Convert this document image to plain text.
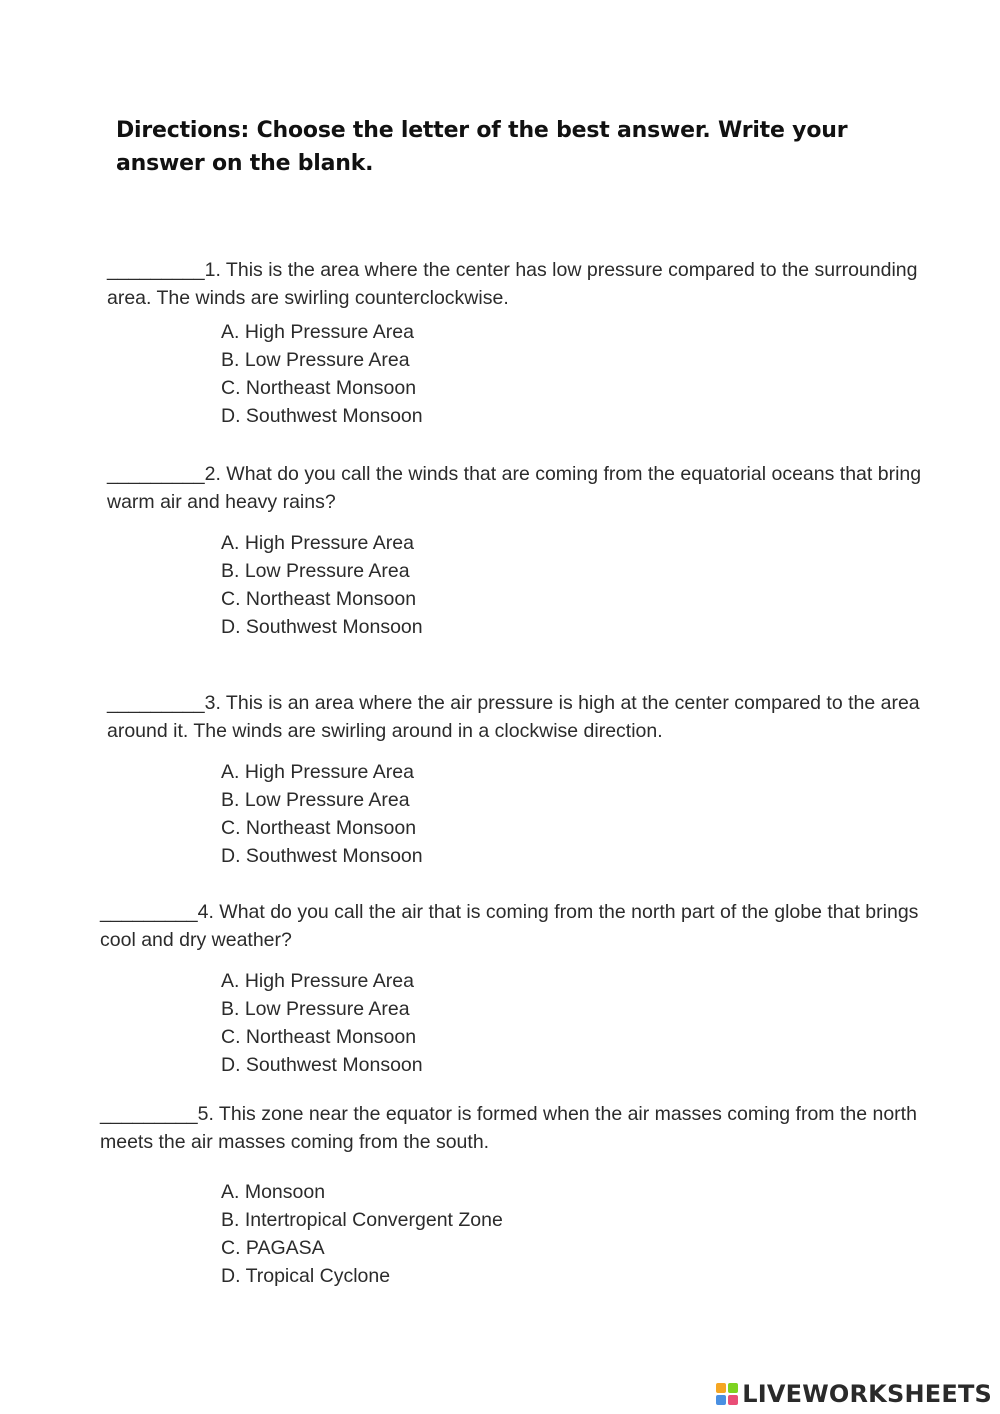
Directions: Choose the letter of the best answer. Write your answer on the blank.
_________1. This is the area where the center has low pressure compared to the surrounding area. The winds are swirling counterclockwise.
A. High Pressure Area
B. Low Pressure Area
C. Northeast Monsoon
D. Southwest Monsoon
_________2. What do you call the winds that are coming from the equatorial oceans that bring warm air and heavy rains?
A. High Pressure Area
B. Low Pressure Area
C. Northeast Monsoon
D. Southwest Monsoon
_________3. This is an area where the air pressure is high at the center compared to the area around it. The winds are swirling around in a clockwise direction.
A. High Pressure Area
B. Low Pressure Area
C. Northeast Monsoon
D. Southwest Monsoon
_________4. What do you call the air that is coming from the north part of the globe that brings cool and dry weather?
A. High Pressure Area
B. Low Pressure Area
C. Northeast Monsoon
D. Southwest Monsoon
_________5. This zone near the equator is formed when the air masses coming from the north meets the air masses coming from the south.
A. Monsoon
B. Intertropical Convergent Zone
C. PAGASA
D. Tropical Cyclone
LIVEWORKSHEETS
